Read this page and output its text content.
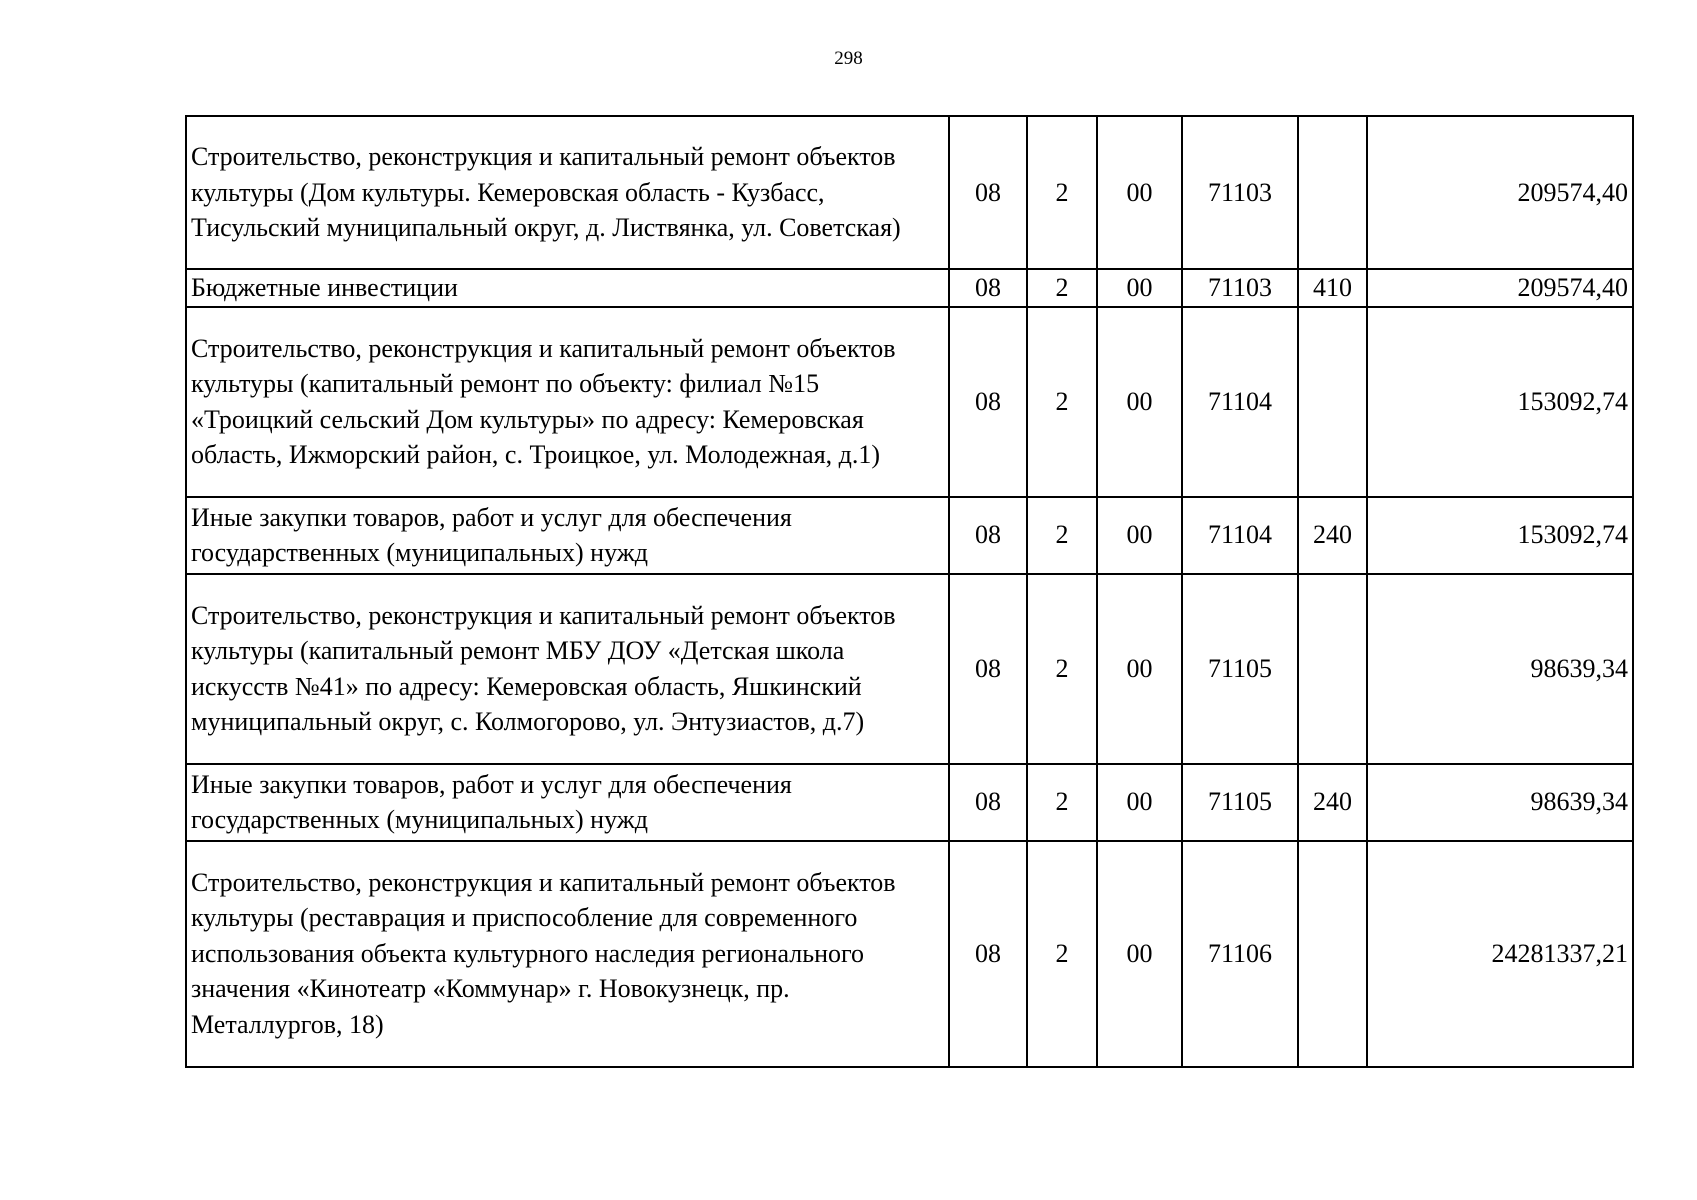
298
Строительство, реконструкция и капитальный ремонт объектов культуры (Дом культуры. Кемеровская область - Кузбасс, Тисульский муниципальный округ, д. Листвянка, ул. Советская)	08	2	00	71103		209574,40
Бюджетные инвестиции	08	2	00	71103	410	209574,40
Строительство, реконструкция и капитальный ремонт объектов культуры (капитальный ремонт по объекту: филиал №15 «Троицкий сельский Дом культуры» по адресу: Кемеровская область, Ижморский район, с. Троицкое, ул. Молодежная, д.1)	08	2	00	71104		153092,74
Иные закупки товаров, работ и услуг для обеспечения государственных (муниципальных) нужд	08	2	00	71104	240	153092,74
Строительство, реконструкция и капитальный ремонт объектов культуры (капитальный ремонт МБУ ДОУ «Детская школа искусств №41» по адресу: Кемеровская область, Яшкинский муниципальный округ, с. Колмогорово, ул. Энтузиастов, д.7)	08	2	00	71105		98639,34
Иные закупки товаров, работ и услуг для обеспечения государственных (муниципальных) нужд	08	2	00	71105	240	98639,34
Строительство, реконструкция и капитальный ремонт объектов культуры (реставрация и приспособление для современного использования объекта культурного наследия регионального значения «Кинотеатр «Коммунар» г. Новокузнецк, пр. Металлургов, 18)	08	2	00	71106		24281337,21
